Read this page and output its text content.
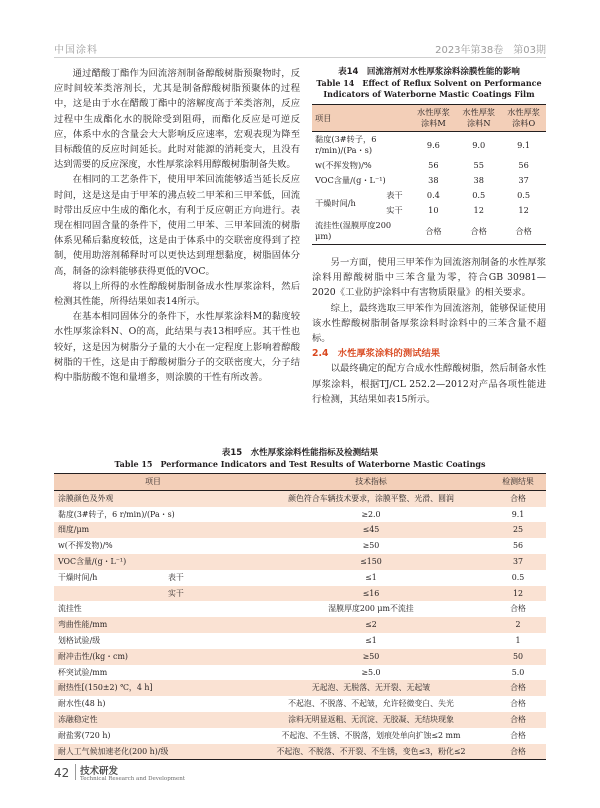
中国涂料	2023年第38卷　第03期

通过醋酸丁酯作为回流溶剂制备醇酸树脂预聚物时，反应时间较苯类溶剂长，尤其是制备醇酸树脂预聚体的过程中，这是由于水在醋酸丁酯中的溶解度高于苯类溶剂，反应过程中生成酯化水的脱除受到阻碍，而酯化反应是可逆反应，体系中水的含量会大大影响反应速率，宏观表现为降至目标酸值的反应时间延长。此时对能源的消耗变大，且没有达到需要的反应深度，水性厚浆涂料用醇酸树脂制备失败。

在相同的工艺条件下，使用甲苯回流能够适当延长反应时间，这是这是由于甲苯的沸点较二甲苯和三甲苯低，回流时带出反应中生成的酯化水，有利于反应朝正方向进行。表现在相同固含量的条件下，使用二甲苯、三甲苯回流的树脂体系见稀后黏度较低，这是由于体系中的交联密度得到了控制，使用助溶剂稀释时可以更快达到理想黏度，树脂固体分高，制备的涂料能够获得更低的VOC。

将以上所得的水性醇酸树脂制备成水性厚浆涂料，然后检测其性能，所得结果如表14所示。

在基本相同固体分的条件下，水性厚浆涂料M的黏度较水性厚浆涂料N、O的高，此结果与表13相呼应。其干性也较好，这是因为树脂分子量的大小在一定程度上影响着醇酸树脂的干性，这是由于醇酸树脂分子的交联密度大，分子结构中脂肪酸不饱和量增多，则涂膜的干性有所改善。

表14　回流溶剂对水性厚浆涂料涂膜性能的影响
Table 14　Effect of Reflux Solvent on Performance Indicators of Waterborne Mastic Coatings Film
项目		水性厚浆涂料M	水性厚浆涂料N	水性厚浆涂料O
黏度(3#转子，6 r/min)/(Pa・s)		9.6	9.0	9.1
w(不挥发物)/%		56	55	56
VOC含量/(g・L⁻¹)		38	38	37
干燥时间/h	表干	0.4	0.5	0.5
	实干	10	12	12
流挂性(湿膜厚度200 μm)		合格	合格	合格

另一方面，使用三甲苯作为回流溶剂制备的水性厚浆涂料用醇酸树脂中三苯含量为零，符合GB 30981—2020《工业防护涂料中有害物质限量》的相关要求。

综上，最终选取三甲苯作为回流溶剂，能够保证使用该水性醇酸树脂制备厚浆涂料时涂料中的三苯含量不超标。

2.4　水性厚浆涂料的测试结果

以最终确定的配方合成水性醇酸树脂，然后制备水性厚浆涂料，根据TJ/CL 252.2—2012对产品各项性能进行检测，其结果如表15所示。

表15　水性厚浆涂料性能指标及检测结果
Table 15　Performance Indicators and Test Results of Waterborne Mastic Coatings
项目	技术指标	检测结果
涂膜颜色及外观	颜色符合车辆技术要求，涂膜平整、光滑、圆润	合格
黏度(3#转子，6 r/min)/(Pa・s)	≥2.0	9.1
细度/μm	≤45	25
w(不挥发物)/%	≥50	56
VOC含量/(g・L⁻¹)	≤150	37
干燥时间/h 表干	≤1	0.5
实干	≤16	12
流挂性	湿膜厚度200 μm不流挂	合格
弯曲性能/mm	≤2	2
划格试验/级	≤1	1
耐冲击性/(kg・cm)	≥50	50
杯突试验/mm	≥5.0	5.0
耐热性[(150±2) ℃，4 h]	无起泡、无脱落、无开裂、无起皱	合格
耐水性(48 h)	不起泡、不脱落、不起皱，允许轻微变白、失光	合格
冻融稳定性	涂料无明显返粗、无沉淀、无胶凝、无结块现象	合格
耐盐雾(720 h)	不起泡、不生锈、不脱落，划痕处单向扩蚀≤2 mm	合格
耐人工气候加速老化(200 h)/级	不起泡、不脱落、不开裂、不生锈，变色≤3，粉化≤2	合格
42 技术研发
Technical Research and Development
